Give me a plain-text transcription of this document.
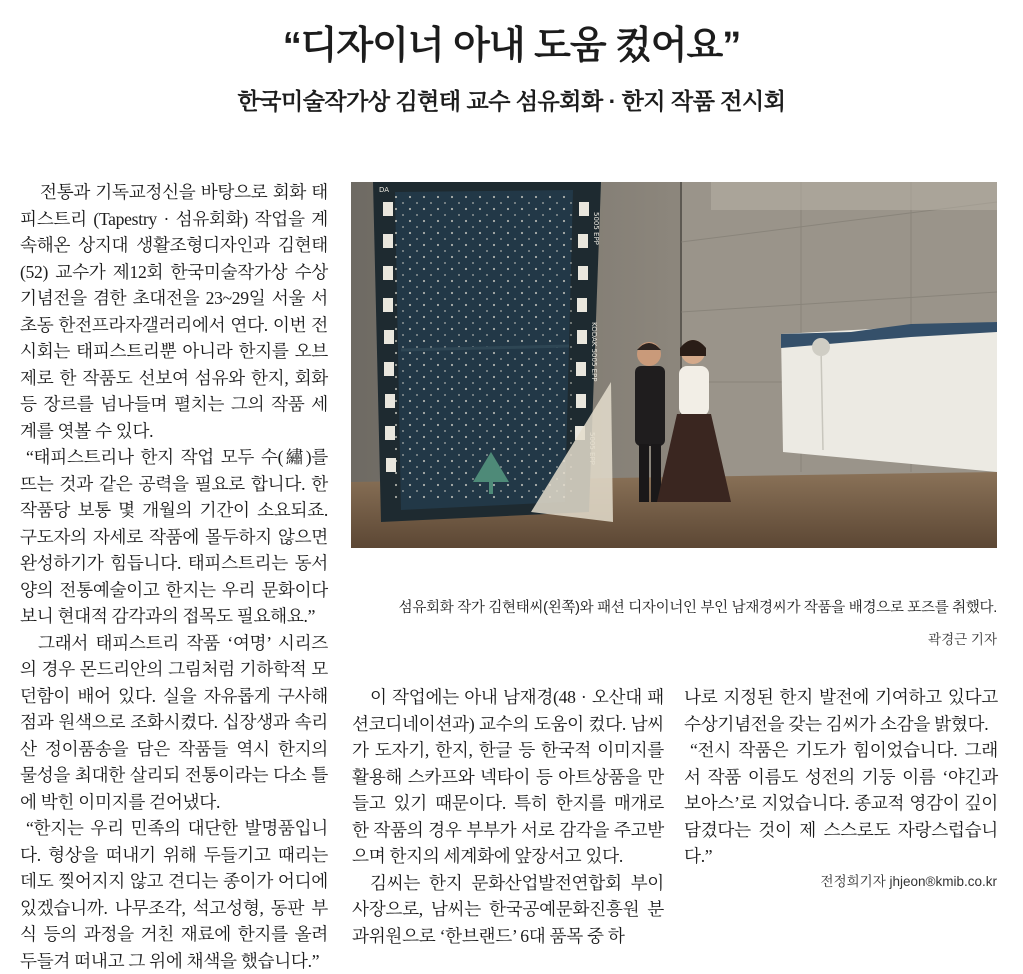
“디자이너 아내 도움 컸어요”
한국미술작가상 김현태 교수 섬유회화 · 한지 작품 전시회

전통과 기독교정신을 바탕으로 회화 태피스트리 (Tapestry · 섬유회화) 작업을 계속해온 상지대 생활조형디자인과 김현태(52) 교수가 제12회 한국미술작가상 수상기념전을 겸한 초대전을 23~29일 서울 서초동 한전프라자갤러리에서 연다. 이번 전시회는 태피스트리뿐 아니라 한지를 오브제로 한 작품도 선보여 섬유와 한지, 회화 등 장르를 넘나들며 펼치는 그의 작품 세계를 엿볼 수 있다.

“태피스트리나 한지 작업 모두 수(繡)를 뜨는 것과 같은 공력을 필요로 합니다. 한 작품당 보통 몇 개월의 기간이 소요되죠. 구도자의 자세로 작품에 몰두하지 않으면 완성하기가 힘듭니다. 태피스트리는 동서양의 전통예술이고 한지는 우리 문화이다 보니 현대적 감각과의 접목도 필요해요.”

그래서 태피스트리 작품 ‘여명’ 시리즈의 경우 몬드리안의 그림처럼 기하학적 모던함이 배어 있다. 실을 자유롭게 구사해 점과 원색으로 조화시켰다. 십장생과 속리산 정이품송을 담은 작품들 역시 한지의 물성을 최대한 살리되 전통이라는 다소 틀에 박힌 이미지를 걷어냈다.

“한지는 우리 민족의 대단한 발명품입니다. 형상을 떠내기 위해 두들기고 때리는데도 찢어지지 않고 견디는 종이가 어디에 있겠습니까. 나무조각, 석고성형, 동판 부식 등의 과정을 거친 재료에 한지를 올려 두들겨 떠내고 그 위에 채색을 했습니다.”

DA
5005 EPP
KODAK 5005 EPP
섬유회화 작가 김현태씨(왼쪽)와 패션 디자이너인 부인 남재경씨가 작품을 배경으로 포즈를 취했다.
곽경근 기자

이 작업에는 아내 남재경(48 · 오산대 패션코디네이션과) 교수의 도움이 컸다. 남씨가 도자기, 한지, 한글 등 한국적 이미지를 활용해 스카프와 넥타이 등 아트상품을 만들고 있기 때문이다. 특히 한지를 매개로 한 작품의 경우 부부가 서로 감각을 주고받으며 한지의 세계화에 앞장서고 있다.

김씨는 한지 문화산업발전연합회 부이사장으로, 남씨는 한국공예문화진흥원 분과위원으로 ‘한브랜드’ 6대 품목 중 하

나로 지정된 한지 발전에 기여하고 있다고 수상기념전을 갖는 김씨가 소감을 밝혔다.

“전시 작품은 기도가 힘이었습니다. 그래서 작품 이름도 성전의 기둥 이름 ‘야긴과 보아스’로 지었습니다. 종교적 영감이 깊이 담겼다는 것이 제 스스로도 자랑스럽습니다.”

전정희기자 jhjeon®kmib.co.kr
